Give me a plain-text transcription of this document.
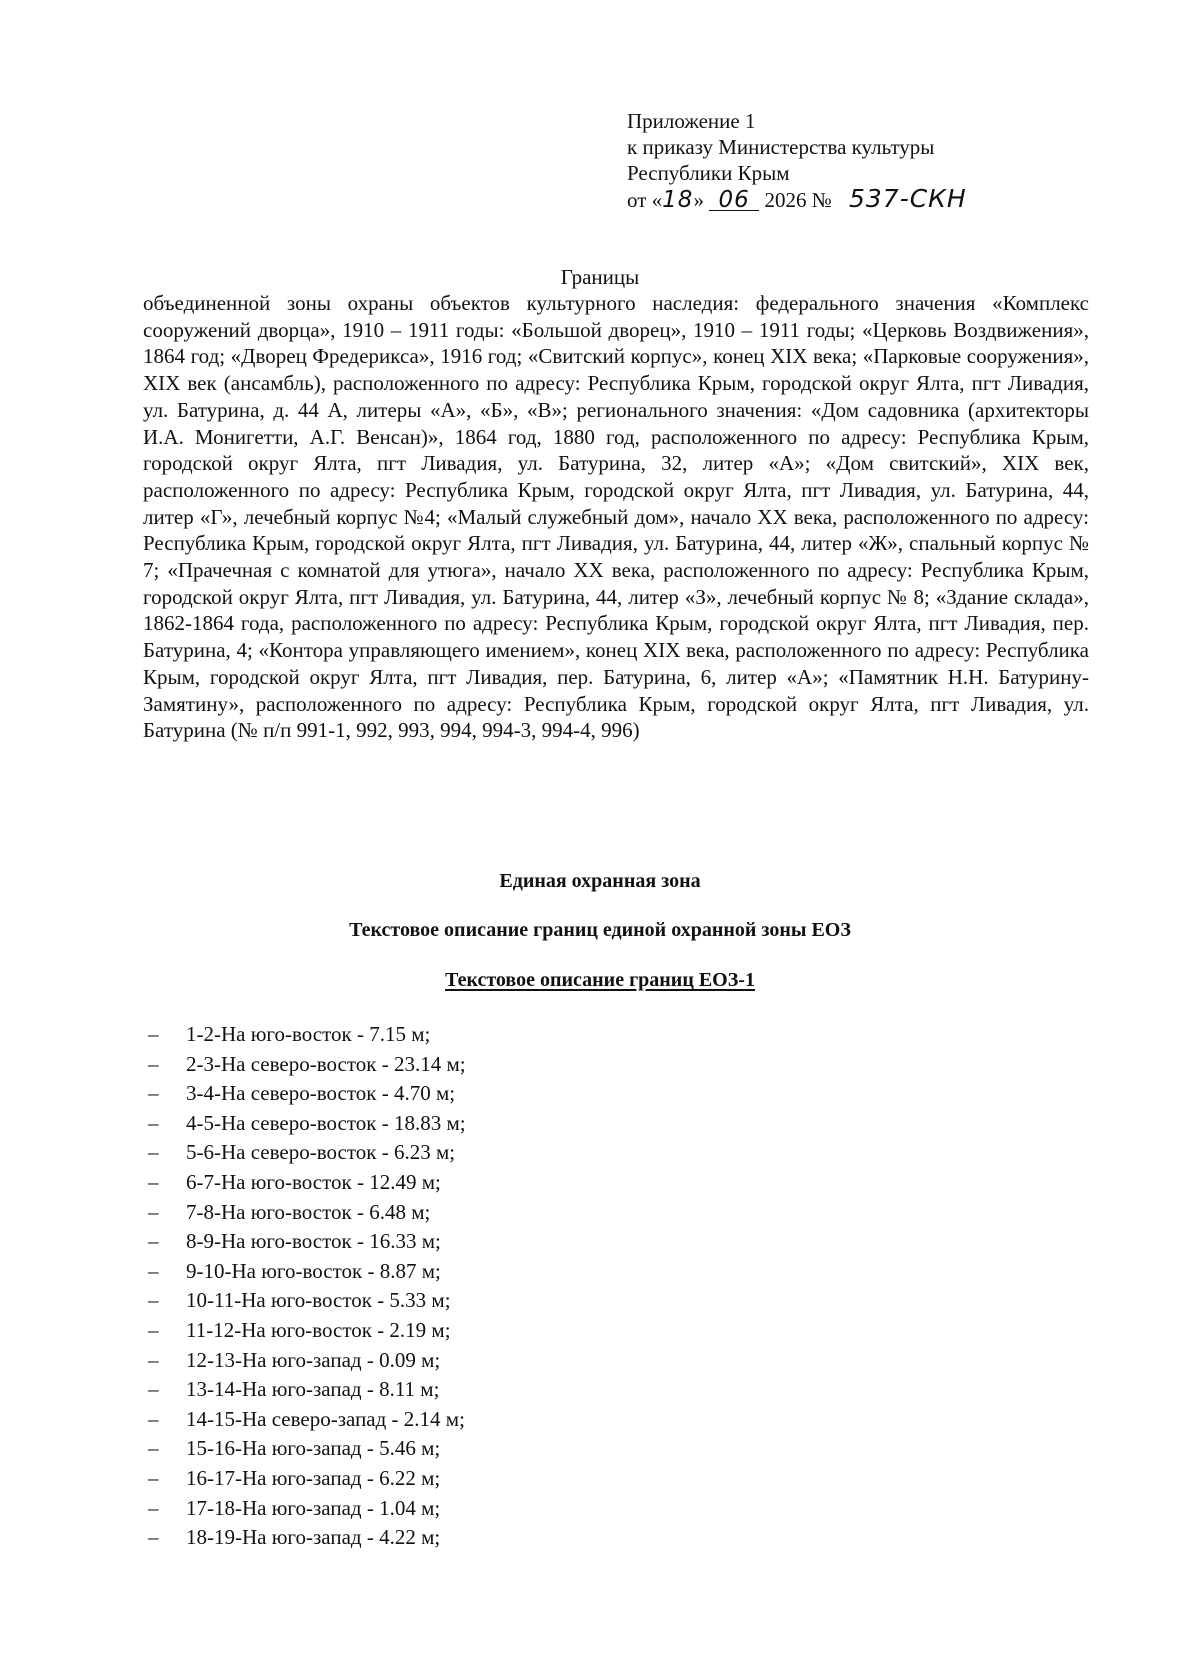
Приложение 1
к приказу Министерства культуры
Республики Крым
от «18» 06 2026 № 537-СКН
Границы
объединенной зоны охраны объектов культурного наследия: федерального значения «Комплекс сооружений дворца», 1910 – 1911 годы: «Большой дворец», 1910 – 1911 годы; «Церковь Воздвижения», 1864 год; «Дворец Фредерикса», 1916 год; «Свитский корпус», конец XIX века; «Парковые сооружения», XIX век (ансамбль), расположенного по адресу: Республика Крым, городской округ Ялта, пгт Ливадия, ул. Батурина, д. 44 А, литеры «А», «Б», «В»; регионального значения: «Дом садовника (архитекторы И.А. Монигетти, А.Г. Венсан)», 1864 год, 1880 год, расположенного по адресу: Республика Крым, городской округ Ялта, пгт Ливадия, ул. Батурина, 32, литер «А»; «Дом свитский», XIX век, расположенного по адресу: Республика Крым, городской округ Ялта, пгт Ливадия, ул. Батурина, 44, литер «Г», лечебный корпус №4; «Малый служебный дом», начало XX века, расположенного по адресу: Республика Крым, городской округ Ялта, пгт Ливадия, ул. Батурина, 44, литер «Ж», спальный корпус № 7; «Прачечная с комнатой для утюга», начало XX века, расположенного по адресу: Республика Крым, городской округ Ялта, пгт Ливадия, ул. Батурина, 44, литер «З», лечебный корпус № 8; «Здание склада», 1862-1864 года, расположенного по адресу: Республика Крым, городской округ Ялта, пгт Ливадия, пер. Батурина, 4; «Контора управляющего имением», конец XIX века, расположенного по адресу: Республика Крым, городской округ Ялта, пгт Ливадия, пер. Батурина, 6, литер «А»; «Памятник Н.Н. Батурину-Замятину», расположенного по адресу: Республика Крым, городской округ Ялта, пгт Ливадия, ул. Батурина (№ п/п 991-1, 992, 993, 994, 994-3, 994-4, 996)
Единая охранная зона
Текстовое описание границ единой охранной зоны ЕОЗ
Текстовое описание границ ЕОЗ-1
– 1-2-На юго-восток - 7.15 м;
– 2-3-На северо-восток - 23.14 м;
– 3-4-На северо-восток - 4.70 м;
– 4-5-На северо-восток - 18.83 м;
– 5-6-На северо-восток - 6.23 м;
– 6-7-На юго-восток - 12.49 м;
– 7-8-На юго-восток - 6.48 м;
– 8-9-На юго-восток - 16.33 м;
– 9-10-На юго-восток - 8.87 м;
– 10-11-На юго-восток - 5.33 м;
– 11-12-На юго-восток - 2.19 м;
– 12-13-На юго-запад - 0.09 м;
– 13-14-На юго-запад - 8.11 м;
– 14-15-На северо-запад - 2.14 м;
– 15-16-На юго-запад - 5.46 м;
– 16-17-На юго-запад - 6.22 м;
– 17-18-На юго-запад - 1.04 м;
– 18-19-На юго-запад - 4.22 м;
